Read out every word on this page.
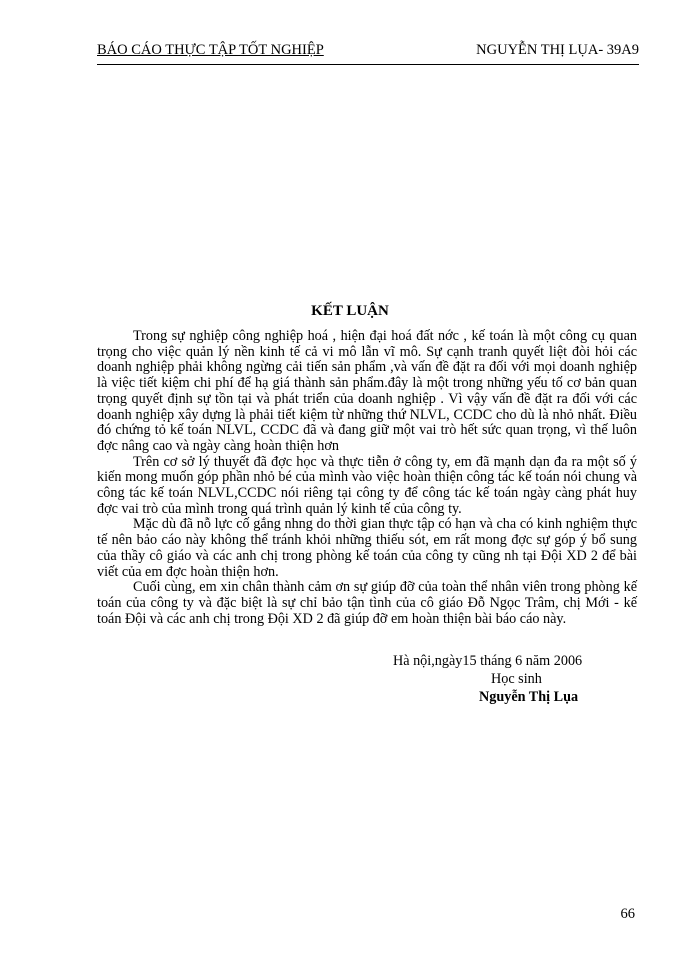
BÁO CÁO THỰC TẬP TỐT NGHIỆP	NGUYỄN THỊ LỤA- 39A9
KẾT LUẬN

Trong sự nghiệp công nghiệp hoá , hiện đại hoá đất nớc , kế toán là một công cụ quan trọng cho việc quản lý nền kinh tế cả vi mô lẫn vĩ mô. Sự cạnh tranh quyết liệt đòi hỏi các doanh nghiệp phải không ngừng cải tiến sản phẩm ,và vấn đề đặt ra đối với mọi doanh nghiệp là việc tiết kiệm chi phí để hạ giá thành sản phẩm.đây là một trong những yếu tố cơ bản quan trọng quyết định sự tồn tại và phát triển của doanh nghiệp . Vì vậy vấn đề đặt ra đối với các doanh nghiệp xây dựng là phải tiết kiệm từ những thứ NLVL, CCDC cho dù là nhỏ nhất. Điều đó chứng tỏ kế toán NLVL, CCDC đã và đang giữ một vai trò hết sức quan trọng, vì thế luôn đợc nâng cao và ngày càng hoàn thiện hơn

Trên cơ sở lý thuyết đã đợc học và thực tiễn ở công ty, em đã mạnh dạn đa ra một số ý kiến mong muốn góp phần nhỏ bé của mình vào việc hoàn thiện công tác kế toán nói chung và công tác kế toán NLVL,CCDC nói riêng tại công ty để công tác kế toán ngày càng phát huy đợc vai trò của mình trong quá trình quản lý kinh tế của công ty.

Mặc dù đã nỗ lực cố gắng nhng do thời gian thực tập có hạn và cha có kinh nghiệm thực tế nên bảo cáo này không thể tránh khỏi những thiếu sót, em rất mong đợc sự góp ý bổ sung của thầy cô giáo và các anh chị trong phòng kế toán của công ty cũng nh tại Đội XD 2 để bài viết của em đợc hoàn thiện hơn.

Cuối cùng, em xin chân thành cảm ơn sự giúp đỡ của toàn thể nhân viên trong phòng kế toán của công ty và đặc biệt là sự chỉ bảo tận tình của cô giáo Đỗ Ngọc Trâm, chị Mới - kế toán Đội và các anh chị trong Đội XD 2 đã giúp đỡ em hoàn thiện bài báo cáo này.

Hà nội,ngày15 tháng 6 năm 2006
Học sinh
Nguyễn Thị Lụa
66
